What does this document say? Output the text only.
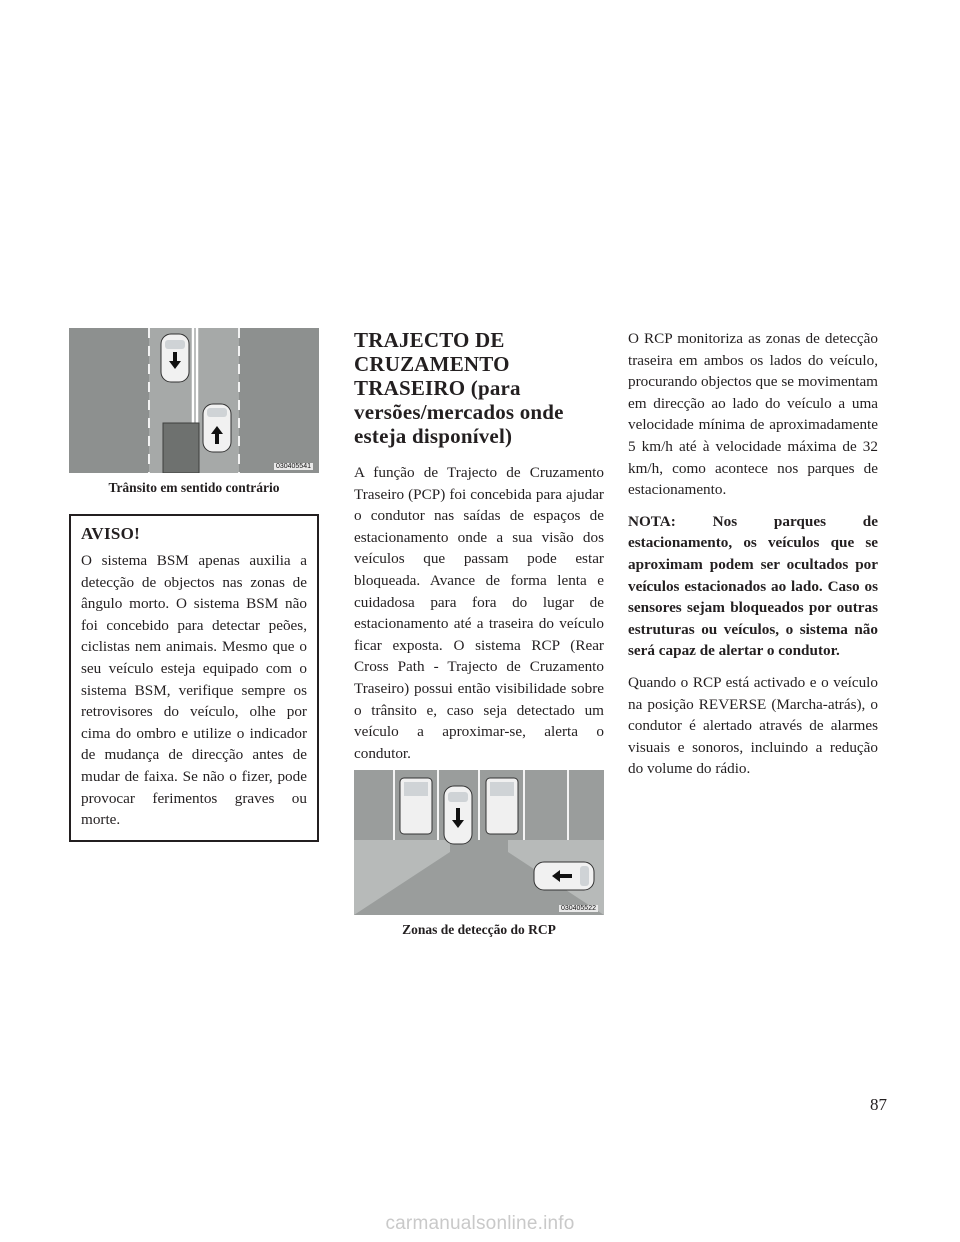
030405541
Trânsito em sentido contrário
AVISO!

O sistema BSM apenas auxilia a detecção de objectos nas zonas de ângulo morto. O sistema BSM não foi concebido para detectar peões, ciclistas nem animais. Mesmo que o seu veículo esteja equipado com o sistema BSM, verifique sempre os retrovisores do veículo, olhe por cima do ombro e utilize o indicador de mudança de direcção antes de mudar de faixa. Se não o fizer, pode provocar ferimentos graves ou morte.

TRAJECTO DE CRUZAMENTO TRASEIRO (para versões/mercados onde esteja disponível)

A função de Trajecto de Cruzamento Traseiro (PCP) foi concebida para ajudar o condutor nas saídas de espaços de estacionamento onde a sua visão dos veículos que passam pode estar bloqueada. Avance de forma lenta e cuidadosa para fora do lugar de estacionamento até a traseira do veículo ficar exposta. O sistema RCP (Rear Cross Path - Trajecto de Cruzamento Traseiro) possui então visibilidade sobre o trânsito e, caso seja detectado um veículo a aproximar-se, alerta o condutor.

030405522
Zonas de detecção do RCP

O RCP monitoriza as zonas de detecção traseira em ambos os lados do veículo, procurando objectos que se movimentam em direcção ao lado do veículo a uma velocidade mínima de aproximadamente 5 km/h até à velocidade máxima de 32 km/h, como acontece nos parques de estacionamento.

NOTA: Nos parques de estacionamento, os veículos que se aproximam podem ser ocultados por veículos estacionados ao lado. Caso os sensores sejam bloqueados por outras estruturas ou veículos, o sistema não será capaz de alertar o condutor.

Quando o RCP está activado e o veículo na posição REVERSE (Marcha-atrás), o condutor é alertado através de alarmes visuais e sonoros, incluindo a redução do volume do rádio.

87
carmanualsonline.info
